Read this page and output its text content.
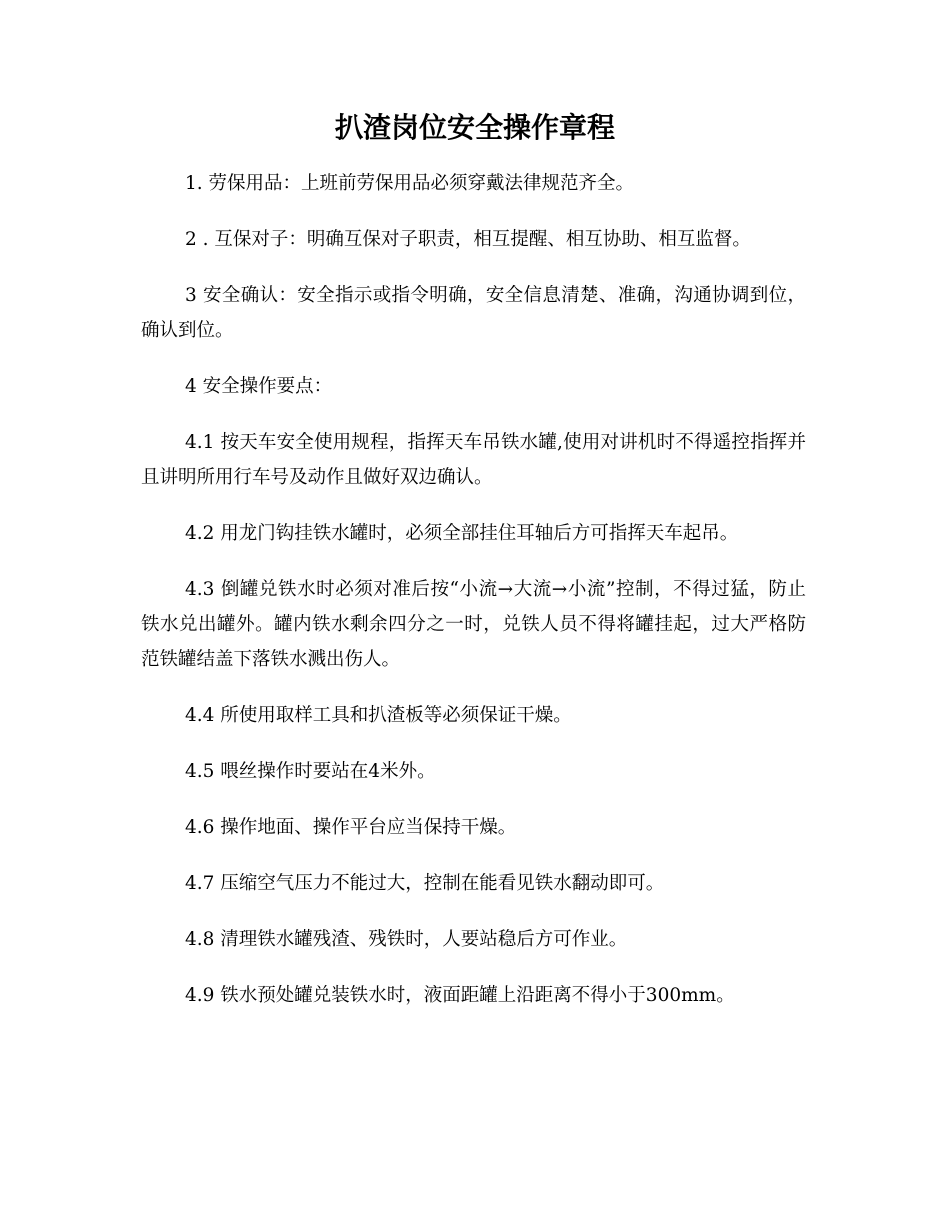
扒渣岗位安全操作章程

1. 劳保用品：上班前劳保用品必须穿戴法律规范齐全。

2 . 互保对子：明确互保对子职责，相互提醒、相互协助、相互监督。

3 安全确认：安全指示或指令明确，安全信息清楚、准确，沟通协调到位，确认到位。

4 安全操作要点：

4.1 按天车安全使用规程，指挥天车吊铁水罐,使用对讲机时不得遥控指挥并且讲明所用行车号及动作且做好双边确认。

4.2 用龙门钩挂铁水罐时，必须全部挂住耳轴后方可指挥天车起吊。

4.3 倒罐兑铁水时必须对准后按“小流→大流→小流”控制，不得过猛，防止铁水兑出罐外。罐内铁水剩余四分之一时，兑铁人员不得将罐挂起，过大严格防范铁罐结盖下落铁水溅出伤人。

4.4 所使用取样工具和扒渣板等必须保证干燥。

4.5 喂丝操作时要站在4米外。

4.6 操作地面、操作平台应当保持干燥。

4.7 压缩空气压力不能过大，控制在能看见铁水翻动即可。

4.8 清理铁水罐残渣、残铁时，人要站稳后方可作业。

4.9 铁水预处罐兑装铁水时，液面距罐上沿距离不得小于300mm。
